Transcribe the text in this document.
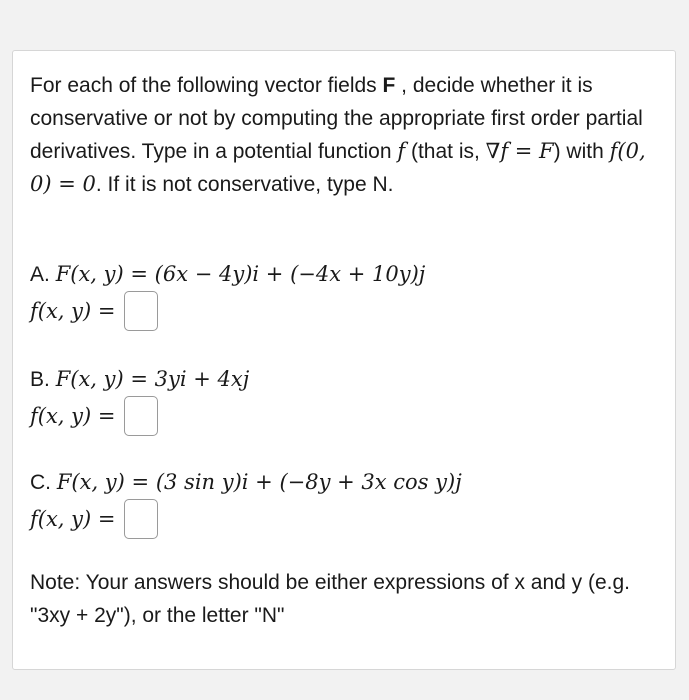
For each of the following vector fields F , decide whether it is conservative or not by computing the appropriate first order partial derivatives. Type in a potential function f (that is, ∇f = F) with f(0, 0) = 0. If it is not conservative, type N.
A. F(x, y) = (6x − 4y)i + (−4x + 10y)j
f(x, y) =
B. F(x, y) = 3yi + 4xj
f(x, y) =
C. F(x, y) = (3 sin y)i + (−8y + 3x cos y)j
f(x, y) =
Note: Your answers should be either expressions of x and y (e.g. "3xy + 2y"), or the letter "N"
